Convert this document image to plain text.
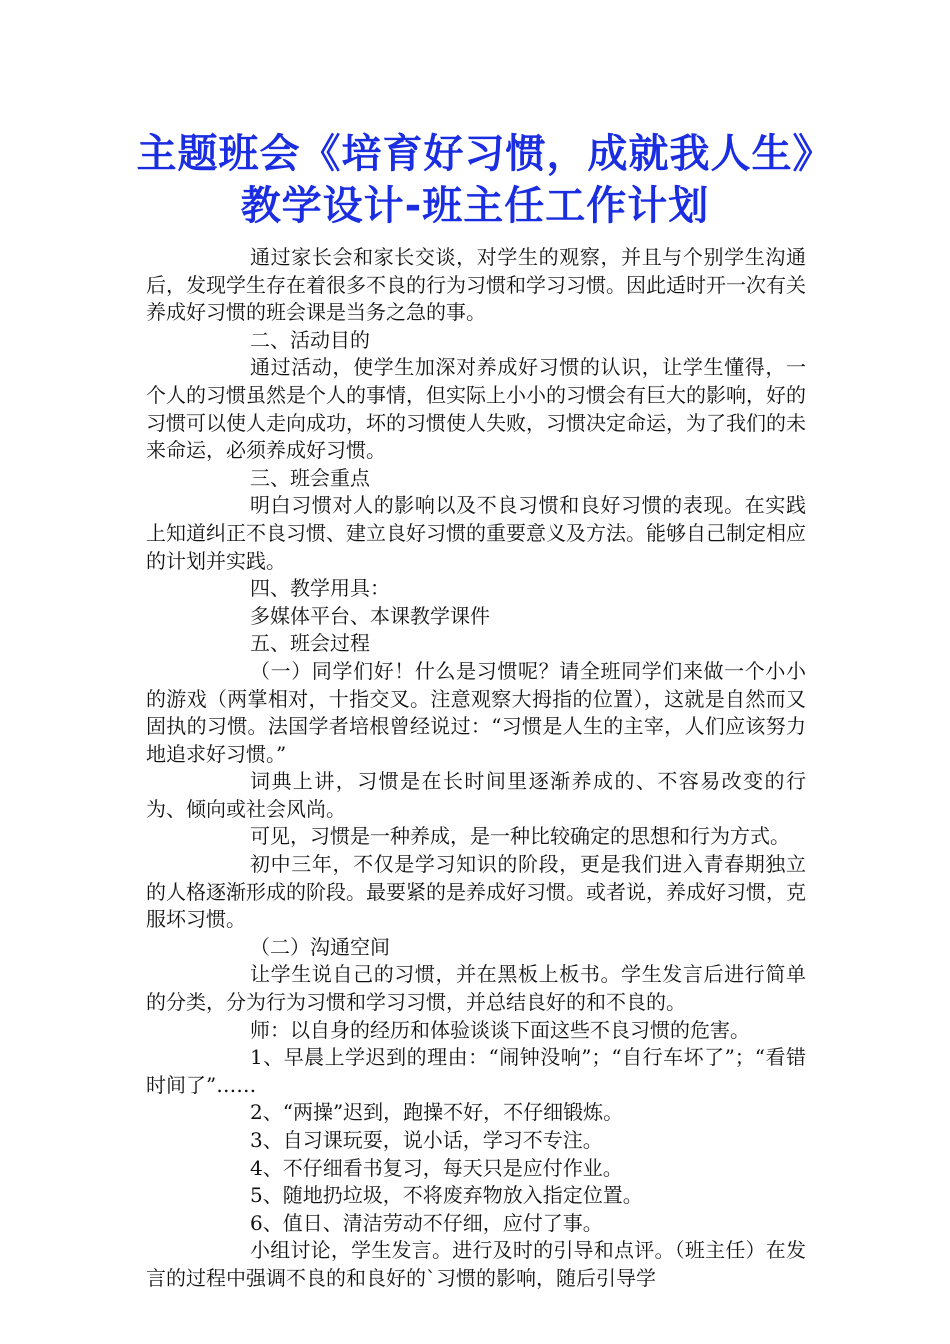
主题班会《培育好习惯，成就我人生》教学设计-班主任工作计划

通过家长会和家长交谈，对学生的观察，并且与个别学生沟通后，发现学生存在着很多不良的行为习惯和学习习惯。因此适时开一次有关养成好习惯的班会课是当务之急的事。

二、活动目的

通过活动，使学生加深对养成好习惯的认识，让学生懂得，一个人的习惯虽然是个人的事情，但实际上小小的习惯会有巨大的影响，好的习惯可以使人走向成功，坏的习惯使人失败，习惯决定命运，为了我们的未来命运，必须养成好习惯。

三、班会重点

明白习惯对人的影响以及不良习惯和良好习惯的表现。在实践上知道纠正不良习惯、建立良好习惯的重要意义及方法。能够自己制定相应的计划并实践。

四、教学用具：

多媒体平台、本课教学课件

五、班会过程

（一）同学们好！什么是习惯呢？请全班同学们来做一个小小的游戏（两掌相对，十指交叉。注意观察大拇指的位置），这就是自然而又固执的习惯。法国学者培根曾经说过：“习惯是人生的主宰，人们应该努力地追求好习惯。”

词典上讲，习惯是在长时间里逐渐养成的、不容易改变的行为、倾向或社会风尚。

可见，习惯是一种养成，是一种比较确定的思想和行为方式。

初中三年，不仅是学习知识的阶段，更是我们进入青春期独立的人格逐渐形成的阶段。最要紧的是养成好习惯。或者说，养成好习惯，克服坏习惯。

（二）沟通空间

让学生说自己的习惯，并在黑板上板书。学生发言后进行简单的分类，分为行为习惯和学习习惯，并总结良好的和不良的。

师：以自身的经历和体验谈谈下面这些不良习惯的危害。

1、早晨上学迟到的理由：“闹钟没响”；“自行车坏了”；“看错时间了”……

2、“两操”迟到，跑操不好，不仔细锻炼。

3、自习课玩耍，说小话，学习不专注。

4、不仔细看书复习，每天只是应付作业。

5、随地扔垃圾，不将废弃物放入指定位置。

6、值日、清洁劳动不仔细，应付了事。

小组讨论，学生发言。进行及时的引导和点评。（班主任）在发言的过程中强调不良的和良好的`习惯的影响，随后引导学
